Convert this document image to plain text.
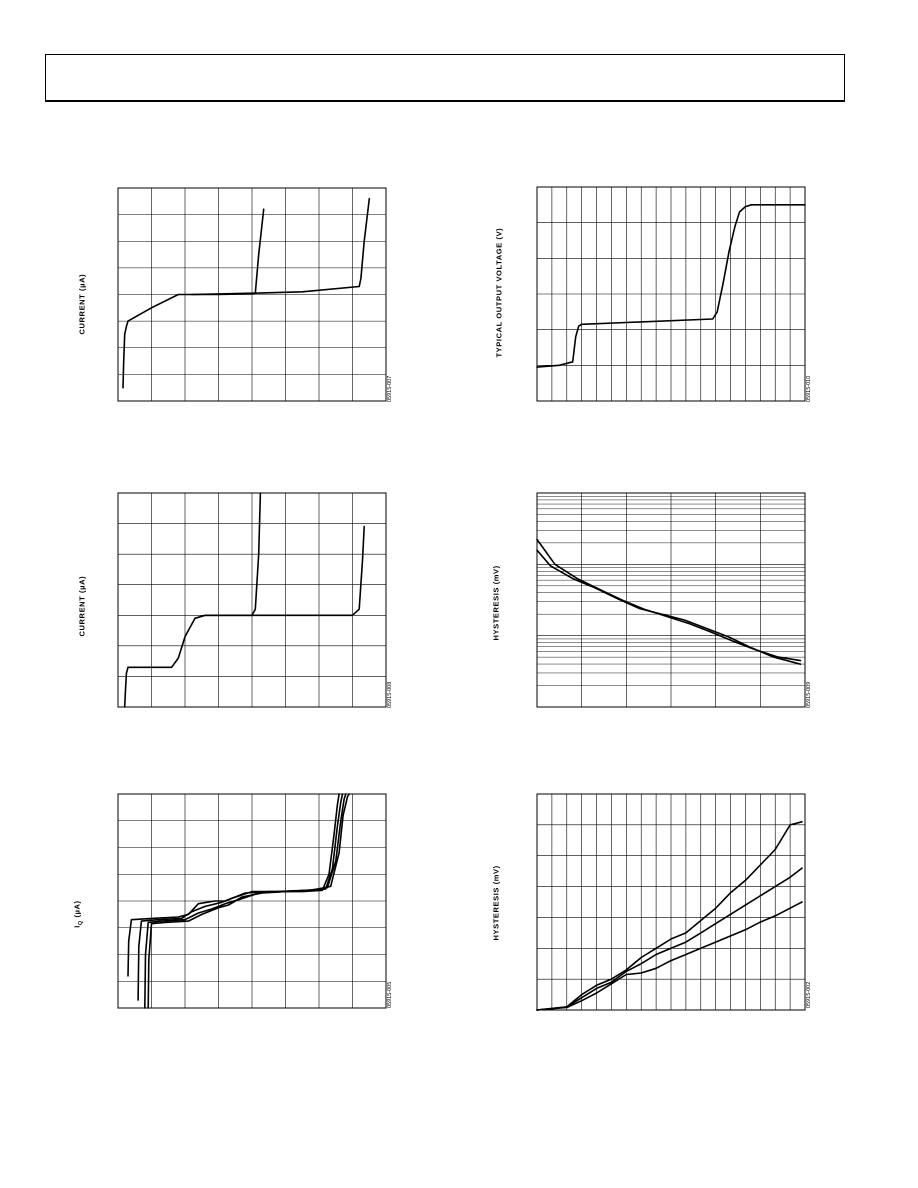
CURRENT (µA)
05915-007
TYPICAL OUTPUT VOLTAGE (V)
05915-010
CURRENT (µA)
05915-008
HYSTERESIS (mV)
05915-009
$I_Q$ (µA)
05915-005
HYSTERESIS (mV)
05915-002
